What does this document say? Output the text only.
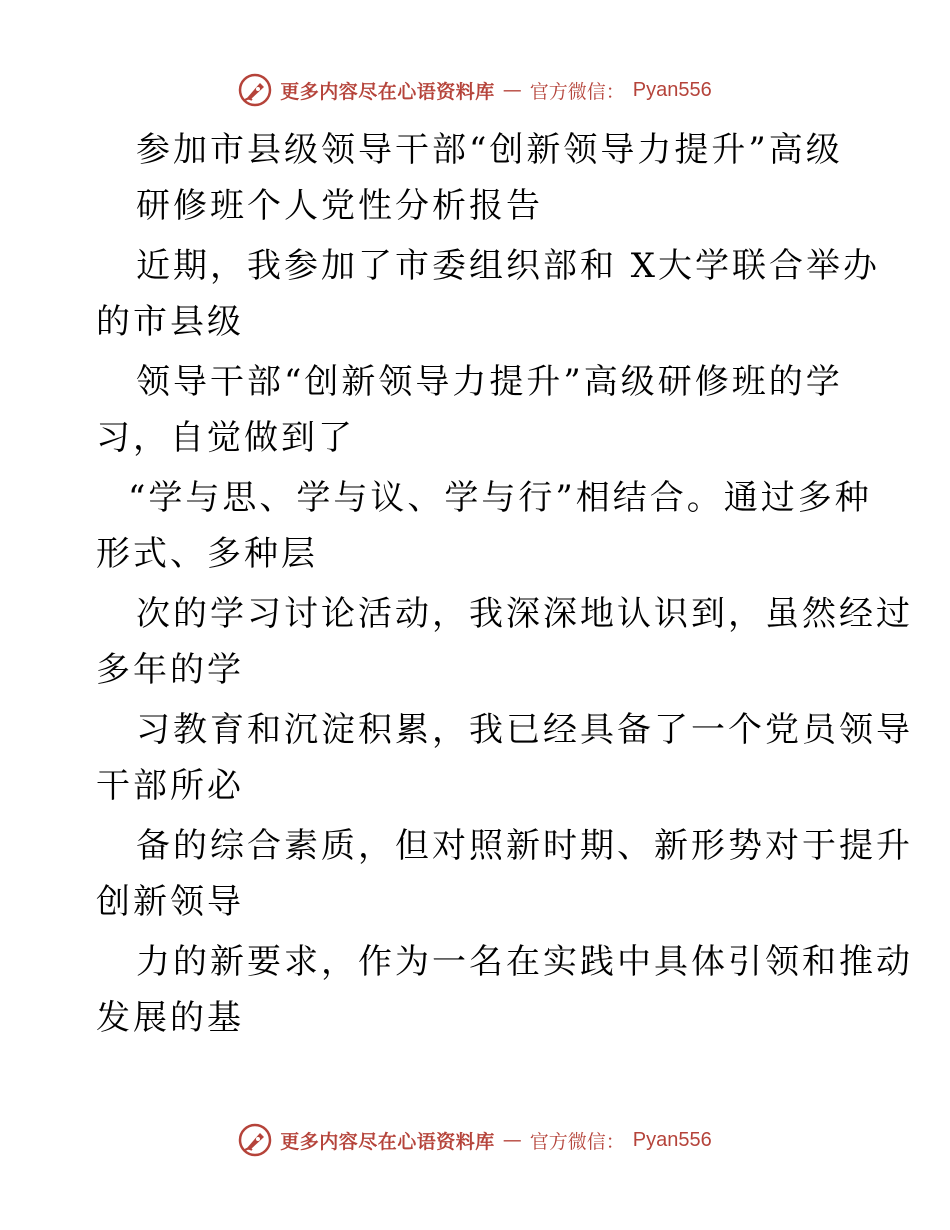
更多内容尽在心语资料库 — 官方微信： Pyan556
参加市县级领导干部“创新领导力提升”高级
研修班个人党性分析报告
近期，我参加了市委组织部和 X大学联合举办
的市县级
领导干部“创新领导力提升”高级研修班的学
习，自觉做到了
“学与思、学与议、学与行”相结合。通过多种
形式、多种层
次的学习讨论活动，我深深地认识到，虽然经过
多年的学
习教育和沉淀积累，我已经具备了一个党员领导
干部所必
备的综合素质，但对照新时期、新形势对于提升
创新领导
力的新要求，作为一名在实践中具体引领和推动
发展的基
更多内容尽在心语资料库 — 官方微信： Pyan556
